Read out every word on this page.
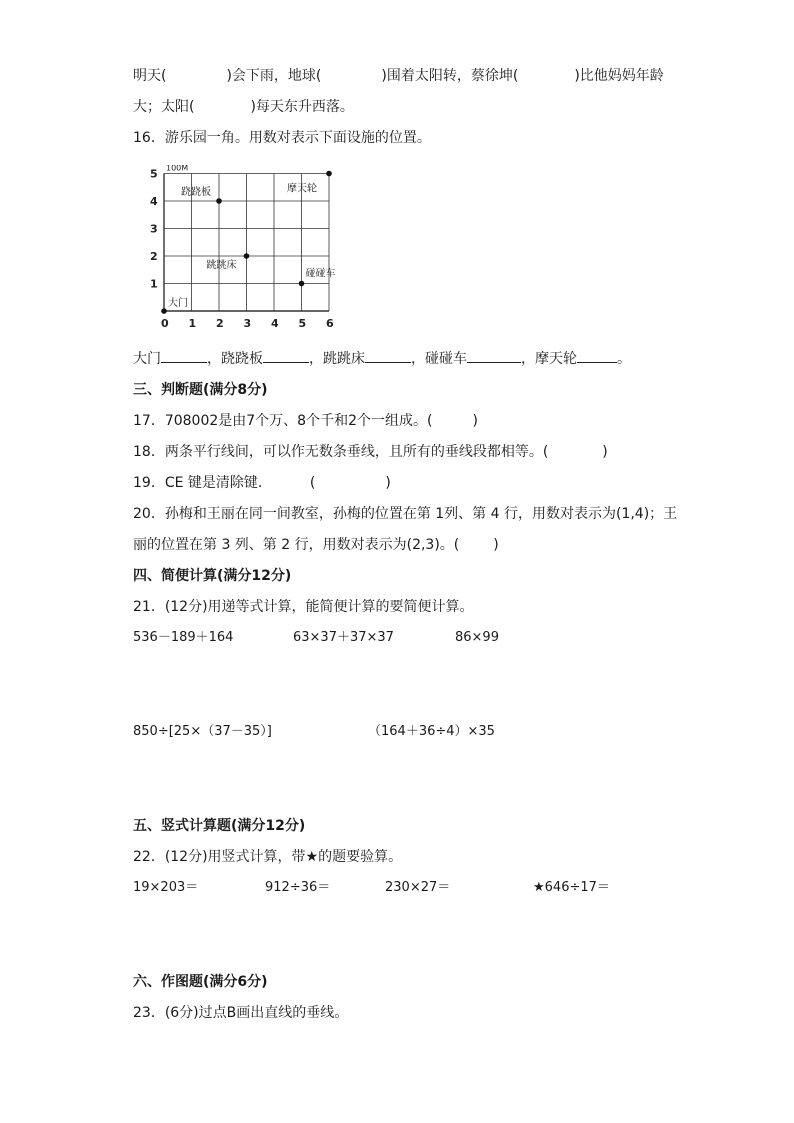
明天(	)会下雨，地球(	)围着太阳转，蔡徐坤(	)比他妈妈年龄
大；太阳(	)每天东升西落。
16．游乐园一角。用数对表示下面设施的位置。
0 1 2 3 4 5 6
1
2
3
4
5 100M
大门
跷跷板
跳跳床
碰碰车
摩天轮
大门	，跷跷板	，跳跳床	，碰碰车	，摩天轮	。
三、判断题(满分8分)
17．708002是由7个万、8个千和2个一组成。(	)
18．两条平行线间，可以作无数条垂线，且所有的垂线段都相等。(	)
19．CE 键是清除键．	(	)
20．孙梅和王丽在同一间教室，孙梅的位置在第 1列、第 4 行，用数对表示为(1,4)；王
丽的位置在第 3 列、第 2 行，用数对表示为(2,3)。( )
四、简便计算(满分12分)
21．(12分)用递等式计算，能简便计算的要简便计算。
536－189＋164	63×37＋37×37	86×99
850÷[25×（37－35）]	（164＋36÷4）×35
五、竖式计算题(满分12分)
22．(12分)用竖式计算，带★的题要验算。
19×203＝	912÷36＝	230×27＝	★646÷17＝
六、作图题(满分6分)
23．(6分)过点B画出直线的垂线。
